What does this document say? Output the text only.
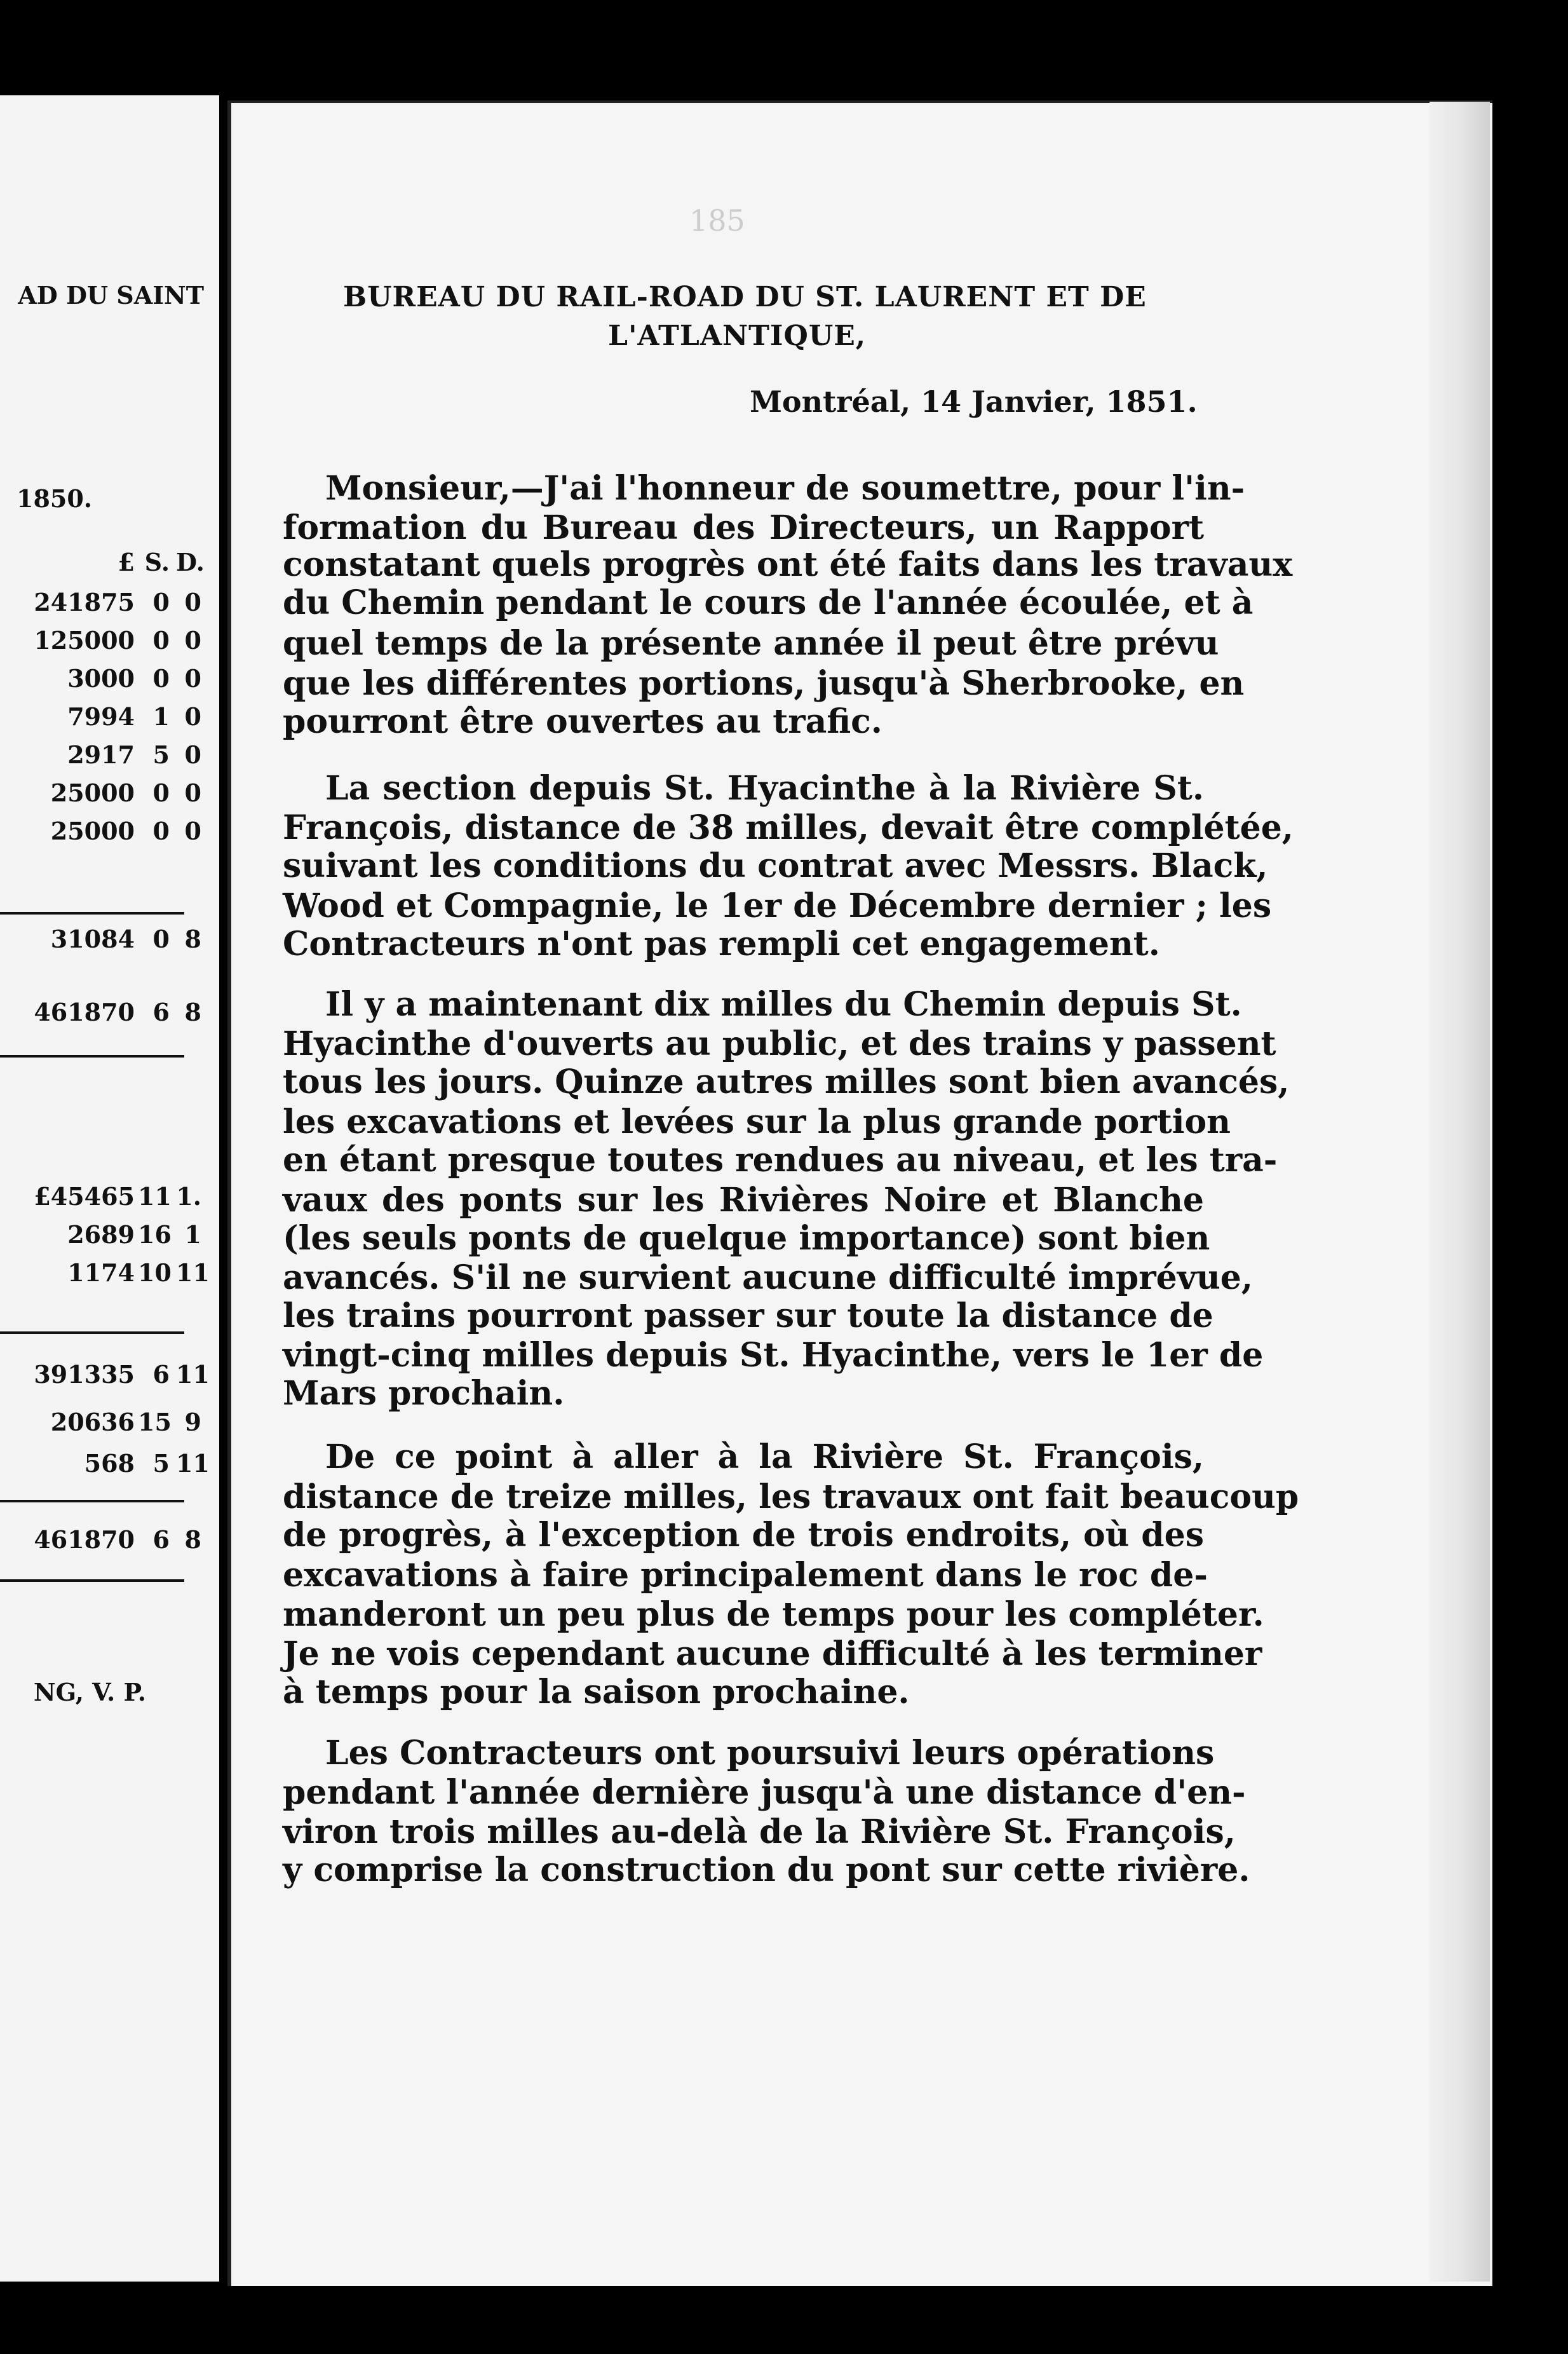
AD DU SAINT
1850.
£ S. D.
241875 0 0
125000 0 0
3000 0 0
7994 1 0
2917 5 0
25000 0 0
25000 0 0
31084 0 8
461870 6 8
£45465 11 1.
2689 16 1
1174 10 11
391335 6 11
20636 15 9
568 5 11
461870 6 8
NG, V. P.
185
BUREAU DU RAIL-ROAD DU ST. LAURENT ET DE
L'ATLANTIQUE,
Montréal, 14 Janvier, 1851.
Monsieur,—J'ai l'honneur de soumettre, pour l'in-
formation du Bureau des Directeurs, un Rapport
constatant quels progrès ont été faits dans les travaux
du Chemin pendant le cours de l'année écoulée, et à
quel temps de la présente année il peut être prévu
que les différentes portions, jusqu'à Sherbrooke, en
pourront être ouvertes au trafic.
La section depuis St. Hyacinthe à la Rivière St.
François, distance de 38 milles, devait être complétée,
suivant les conditions du contrat avec Messrs. Black,
Wood et Compagnie, le 1er de Décembre dernier ; les
Contracteurs n'ont pas rempli cet engagement.
Il y a maintenant dix milles du Chemin depuis St.
Hyacinthe d'ouverts au public, et des trains y passent
tous les jours. Quinze autres milles sont bien avancés,
les excavations et levées sur la plus grande portion
en étant presque toutes rendues au niveau, et les tra-
vaux des ponts sur les Rivières Noire et Blanche
(les seuls ponts de quelque importance) sont bien
avancés. S'il ne survient aucune difficulté imprévue,
les trains pourront passer sur toute la distance de
vingt-cinq milles depuis St. Hyacinthe, vers le 1er de
Mars prochain.
De ce point à aller à la Rivière St. François,
distance de treize milles, les travaux ont fait beaucoup
de progrès, à l'exception de trois endroits, où des
excavations à faire principalement dans le roc de-
manderont un peu plus de temps pour les compléter.
Je ne vois cependant aucune difficulté à les terminer
à temps pour la saison prochaine.
Les Contracteurs ont poursuivi leurs opérations
pendant l'année dernière jusqu'à une distance d'en-
viron trois milles au-delà de la Rivière St. François,
y comprise la construction du pont sur cette rivière.
